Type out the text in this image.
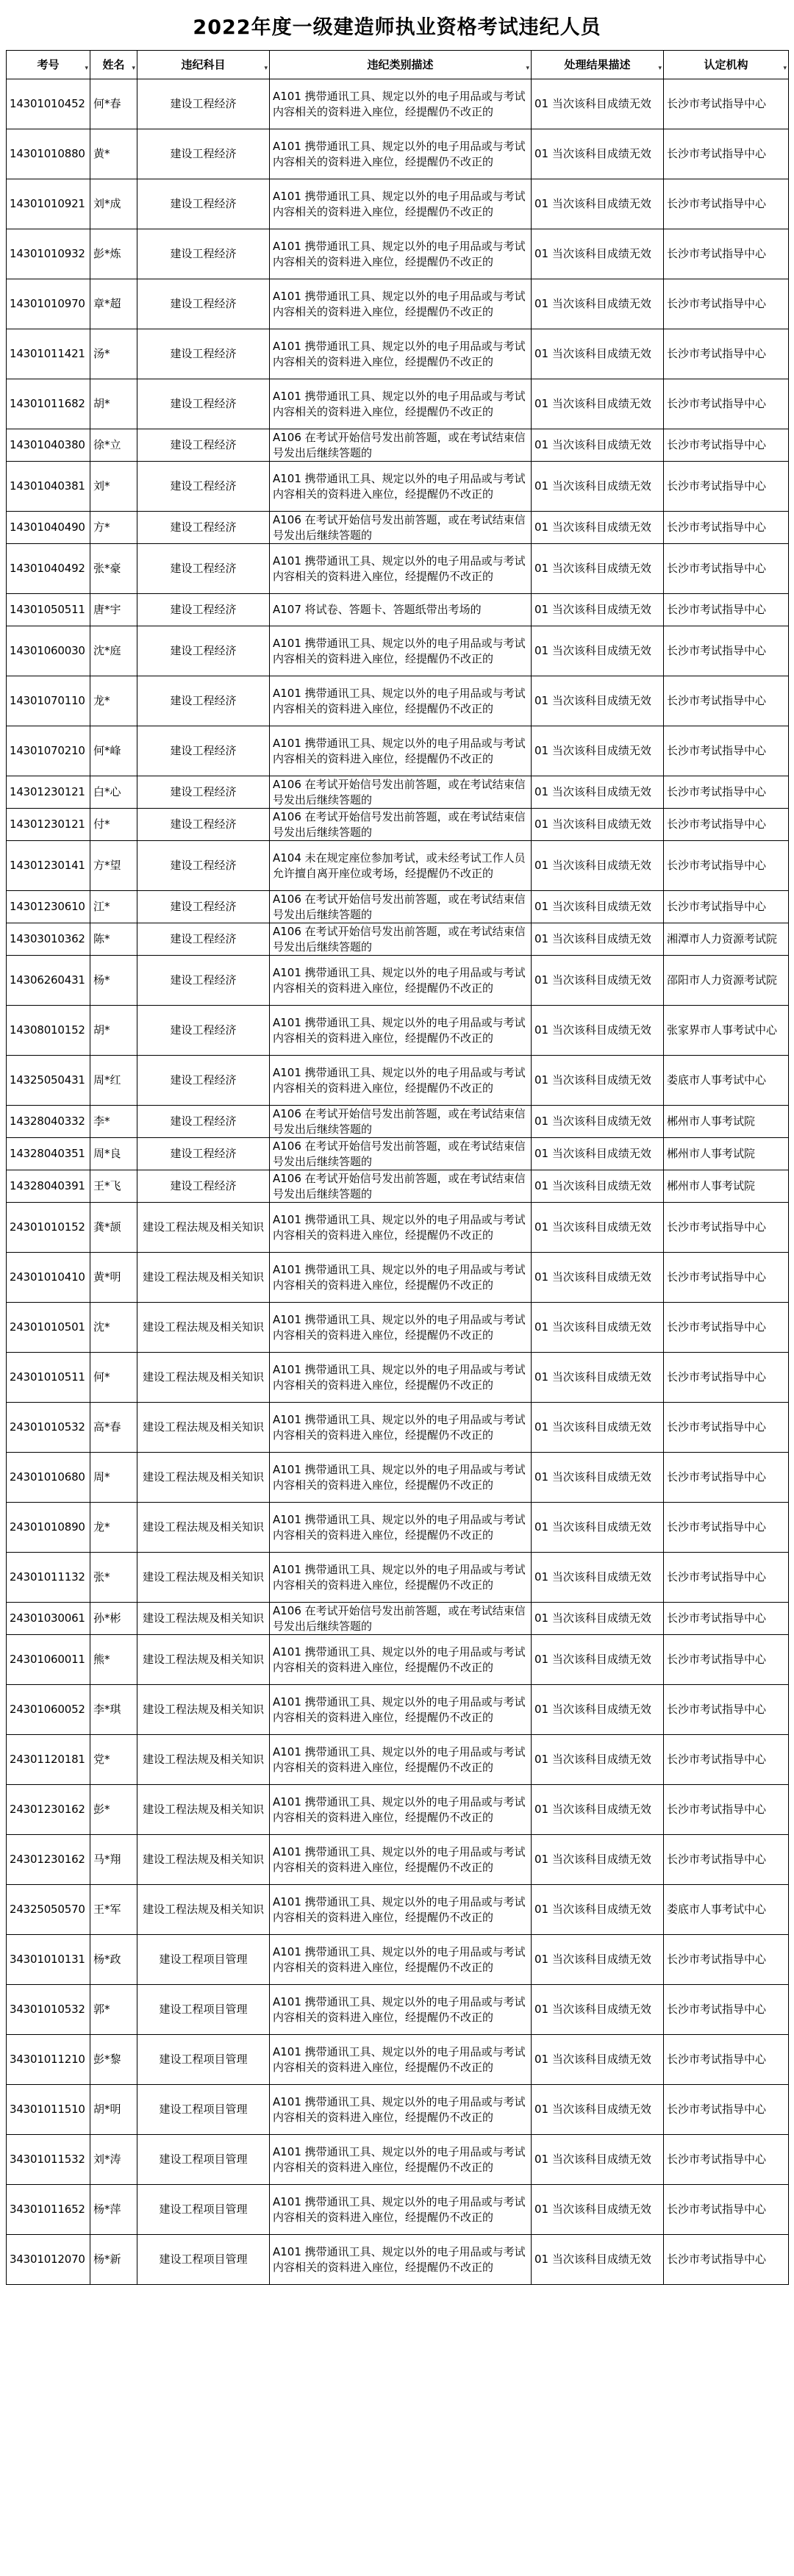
2022年度一级建造师执业资格考试违纪人员
考号 ▾	姓名 ▾	违纪科目 ▾	违纪类别描述 ▾	处理结果描述 ▾	认定机构 ▾

14301010452	何*春	建设工程经济	A101 携带通讯工具、规定以外的电子用品或与考试内容相关的资料进入座位，经提醒仍不改正的	01 当次该科目成绩无效	长沙市考试指导中心
14301010880	黄*	建设工程经济	A101 携带通讯工具、规定以外的电子用品或与考试内容相关的资料进入座位，经提醒仍不改正的	01 当次该科目成绩无效	长沙市考试指导中心
14301010921	刘*成	建设工程经济	A101 携带通讯工具、规定以外的电子用品或与考试内容相关的资料进入座位，经提醒仍不改正的	01 当次该科目成绩无效	长沙市考试指导中心
14301010932	彭*炼	建设工程经济	A101 携带通讯工具、规定以外的电子用品或与考试内容相关的资料进入座位，经提醒仍不改正的	01 当次该科目成绩无效	长沙市考试指导中心
14301010970	章*超	建设工程经济	A101 携带通讯工具、规定以外的电子用品或与考试内容相关的资料进入座位，经提醒仍不改正的	01 当次该科目成绩无效	长沙市考试指导中心
14301011421	汤*	建设工程经济	A101 携带通讯工具、规定以外的电子用品或与考试内容相关的资料进入座位，经提醒仍不改正的	01 当次该科目成绩无效	长沙市考试指导中心
14301011682	胡*	建设工程经济	A101 携带通讯工具、规定以外的电子用品或与考试内容相关的资料进入座位，经提醒仍不改正的	01 当次该科目成绩无效	长沙市考试指导中心
14301040380	徐*立	建设工程经济	A106 在考试开始信号发出前答题，或在考试结束信号发出后继续答题的	01 当次该科目成绩无效	长沙市考试指导中心
14301040381	刘*	建设工程经济	A101 携带通讯工具、规定以外的电子用品或与考试内容相关的资料进入座位，经提醒仍不改正的	01 当次该科目成绩无效	长沙市考试指导中心
14301040490	方*	建设工程经济	A106 在考试开始信号发出前答题，或在考试结束信号发出后继续答题的	01 当次该科目成绩无效	长沙市考试指导中心
14301040492	张*豪	建设工程经济	A101 携带通讯工具、规定以外的电子用品或与考试内容相关的资料进入座位，经提醒仍不改正的	01 当次该科目成绩无效	长沙市考试指导中心
14301050511	唐*宇	建设工程经济	A107 将试卷、答题卡、答题纸带出考场的	01 当次该科目成绩无效	长沙市考试指导中心
14301060030	沈*庭	建设工程经济	A101 携带通讯工具、规定以外的电子用品或与考试内容相关的资料进入座位，经提醒仍不改正的	01 当次该科目成绩无效	长沙市考试指导中心
14301070110	龙*	建设工程经济	A101 携带通讯工具、规定以外的电子用品或与考试内容相关的资料进入座位，经提醒仍不改正的	01 当次该科目成绩无效	长沙市考试指导中心
14301070210	何*峰	建设工程经济	A101 携带通讯工具、规定以外的电子用品或与考试内容相关的资料进入座位，经提醒仍不改正的	01 当次该科目成绩无效	长沙市考试指导中心
14301230121	白*心	建设工程经济	A106 在考试开始信号发出前答题，或在考试结束信号发出后继续答题的	01 当次该科目成绩无效	长沙市考试指导中心
14301230121	付*	建设工程经济	A106 在考试开始信号发出前答题，或在考试结束信号发出后继续答题的	01 当次该科目成绩无效	长沙市考试指导中心
14301230141	方*望	建设工程经济	A104 未在规定座位参加考试，或未经考试工作人员允许擅自离开座位或考场，经提醒仍不改正的	01 当次该科目成绩无效	长沙市考试指导中心
14301230610	江*	建设工程经济	A106 在考试开始信号发出前答题，或在考试结束信号发出后继续答题的	01 当次该科目成绩无效	长沙市考试指导中心
14303010362	陈*	建设工程经济	A106 在考试开始信号发出前答题，或在考试结束信号发出后继续答题的	01 当次该科目成绩无效	湘潭市人力资源考试院
14306260431	杨*	建设工程经济	A101 携带通讯工具、规定以外的电子用品或与考试内容相关的资料进入座位，经提醒仍不改正的	01 当次该科目成绩无效	邵阳市人力资源考试院
14308010152	胡*	建设工程经济	A101 携带通讯工具、规定以外的电子用品或与考试内容相关的资料进入座位，经提醒仍不改正的	01 当次该科目成绩无效	张家界市人事考试中心
14325050431	周*红	建设工程经济	A101 携带通讯工具、规定以外的电子用品或与考试内容相关的资料进入座位，经提醒仍不改正的	01 当次该科目成绩无效	娄底市人事考试中心
14328040332	李*	建设工程经济	A106 在考试开始信号发出前答题，或在考试结束信号发出后继续答题的	01 当次该科目成绩无效	郴州市人事考试院
14328040351	周*良	建设工程经济	A106 在考试开始信号发出前答题，或在考试结束信号发出后继续答题的	01 当次该科目成绩无效	郴州市人事考试院
14328040391	王*飞	建设工程经济	A106 在考试开始信号发出前答题，或在考试结束信号发出后继续答题的	01 当次该科目成绩无效	郴州市人事考试院
24301010152	龚*颉	建设工程法规及相关知识	A101 携带通讯工具、规定以外的电子用品或与考试内容相关的资料进入座位，经提醒仍不改正的	01 当次该科目成绩无效	长沙市考试指导中心
24301010410	黄*明	建设工程法规及相关知识	A101 携带通讯工具、规定以外的电子用品或与考试内容相关的资料进入座位，经提醒仍不改正的	01 当次该科目成绩无效	长沙市考试指导中心
24301010501	沈*	建设工程法规及相关知识	A101 携带通讯工具、规定以外的电子用品或与考试内容相关的资料进入座位，经提醒仍不改正的	01 当次该科目成绩无效	长沙市考试指导中心
24301010511	何*	建设工程法规及相关知识	A101 携带通讯工具、规定以外的电子用品或与考试内容相关的资料进入座位，经提醒仍不改正的	01 当次该科目成绩无效	长沙市考试指导中心
24301010532	高*春	建设工程法规及相关知识	A101 携带通讯工具、规定以外的电子用品或与考试内容相关的资料进入座位，经提醒仍不改正的	01 当次该科目成绩无效	长沙市考试指导中心
24301010680	周*	建设工程法规及相关知识	A101 携带通讯工具、规定以外的电子用品或与考试内容相关的资料进入座位，经提醒仍不改正的	01 当次该科目成绩无效	长沙市考试指导中心
24301010890	龙*	建设工程法规及相关知识	A101 携带通讯工具、规定以外的电子用品或与考试内容相关的资料进入座位，经提醒仍不改正的	01 当次该科目成绩无效	长沙市考试指导中心
24301011132	张*	建设工程法规及相关知识	A101 携带通讯工具、规定以外的电子用品或与考试内容相关的资料进入座位，经提醒仍不改正的	01 当次该科目成绩无效	长沙市考试指导中心
24301030061	孙*彬	建设工程法规及相关知识	A106 在考试开始信号发出前答题，或在考试结束信号发出后继续答题的	01 当次该科目成绩无效	长沙市考试指导中心
24301060011	熊*	建设工程法规及相关知识	A101 携带通讯工具、规定以外的电子用品或与考试内容相关的资料进入座位，经提醒仍不改正的	01 当次该科目成绩无效	长沙市考试指导中心
24301060052	李*琪	建设工程法规及相关知识	A101 携带通讯工具、规定以外的电子用品或与考试内容相关的资料进入座位，经提醒仍不改正的	01 当次该科目成绩无效	长沙市考试指导中心
24301120181	党*	建设工程法规及相关知识	A101 携带通讯工具、规定以外的电子用品或与考试内容相关的资料进入座位，经提醒仍不改正的	01 当次该科目成绩无效	长沙市考试指导中心
24301230162	彭*	建设工程法规及相关知识	A101 携带通讯工具、规定以外的电子用品或与考试内容相关的资料进入座位，经提醒仍不改正的	01 当次该科目成绩无效	长沙市考试指导中心
24301230162	马*翔	建设工程法规及相关知识	A101 携带通讯工具、规定以外的电子用品或与考试内容相关的资料进入座位，经提醒仍不改正的	01 当次该科目成绩无效	长沙市考试指导中心
24325050570	王*军	建设工程法规及相关知识	A101 携带通讯工具、规定以外的电子用品或与考试内容相关的资料进入座位，经提醒仍不改正的	01 当次该科目成绩无效	娄底市人事考试中心
34301010131	杨*政	建设工程项目管理	A101 携带通讯工具、规定以外的电子用品或与考试内容相关的资料进入座位，经提醒仍不改正的	01 当次该科目成绩无效	长沙市考试指导中心
34301010532	郭*	建设工程项目管理	A101 携带通讯工具、规定以外的电子用品或与考试内容相关的资料进入座位，经提醒仍不改正的	01 当次该科目成绩无效	长沙市考试指导中心
34301011210	彭*黎	建设工程项目管理	A101 携带通讯工具、规定以外的电子用品或与考试内容相关的资料进入座位，经提醒仍不改正的	01 当次该科目成绩无效	长沙市考试指导中心
34301011510	胡*明	建设工程项目管理	A101 携带通讯工具、规定以外的电子用品或与考试内容相关的资料进入座位，经提醒仍不改正的	01 当次该科目成绩无效	长沙市考试指导中心
34301011532	刘*涛	建设工程项目管理	A101 携带通讯工具、规定以外的电子用品或与考试内容相关的资料进入座位，经提醒仍不改正的	01 当次该科目成绩无效	长沙市考试指导中心
34301011652	杨*萍	建设工程项目管理	A101 携带通讯工具、规定以外的电子用品或与考试内容相关的资料进入座位，经提醒仍不改正的	01 当次该科目成绩无效	长沙市考试指导中心
34301012070	杨*新	建设工程项目管理	A101 携带通讯工具、规定以外的电子用品或与考试内容相关的资料进入座位，经提醒仍不改正的	01 当次该科目成绩无效	长沙市考试指导中心
